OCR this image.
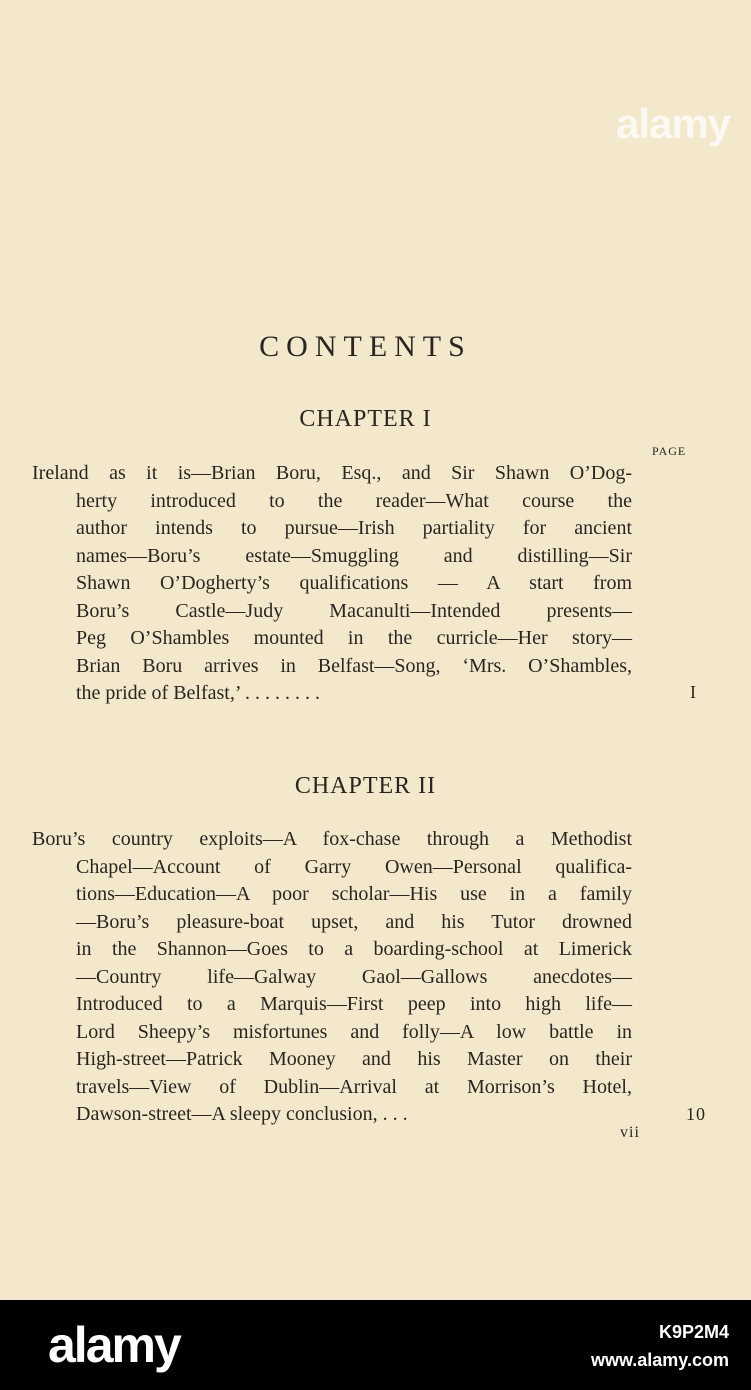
alamy
CONTENTS
CHAPTER I
PAGE
Ireland as it is—Brian Boru, Esq., and Sir Shawn O’Dog-
herty introduced to the reader—What course the
author intends to pursue—Irish partiality for ancient
names—Boru’s estate—Smuggling and distilling—Sir
Shawn O’Dogherty’s qualifications — A start from
Boru’s Castle—Judy Macanulti—Intended presents—
Peg O’Shambles mounted in the curricle—Her story—
Brian Boru arrives in Belfast—Song, ‘Mrs. O’Shambles,
the pride of Belfast,’ . . . . . . . .	I
CHAPTER II
Boru’s country exploits—A fox-chase through a Methodist
Chapel—Account of Garry Owen—Personal qualifica-
tions—Education—A poor scholar—His use in a family
—Boru’s pleasure-boat upset, and his Tutor drowned
in the Shannon—Goes to a boarding-school at Limerick
—Country life—Galway Gaol—Gallows anecdotes—
Introduced to a Marquis—First peep into high life—
Lord Sheepy’s misfortunes and folly—A low battle in
High-street—Patrick Mooney and his Master on their
travels—View of Dublin—Arrival at Morrison’s Hotel,
Dawson-street—A sleepy conclusion, . . .	10
vii
alamy	K9P2M4
www.alamy.com
